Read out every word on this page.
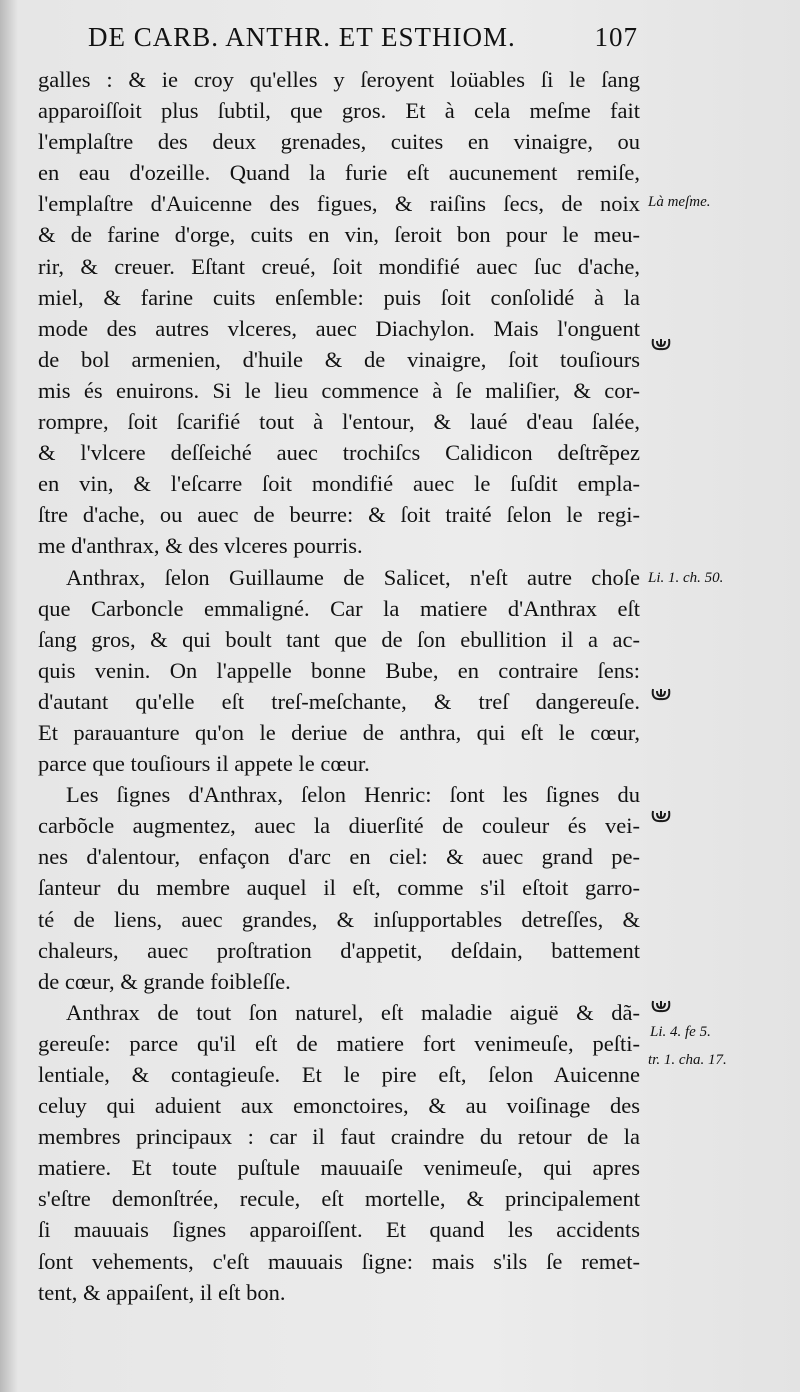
DE CARB. ANTHR. ET ESTHIOM.	107
galles : & ie croy qu'elles y ſeroyent loüables ſi le ſang
apparoiſſoit plus ſubtil, que gros. Et à cela meſme fait
l'emplaſtre des deux grenades, cuites en vinaigre, ou
en eau d'ozeille. Quand la furie eſt aucunement remiſe,
l'emplaſtre d'Auicenne des figues, & raiſins ſecs, de noix
& de farine d'orge, cuits en vin, ſeroit bon pour le meu-
rir, & creuer. Eſtant creué, ſoit mondifié auec ſuc d'ache,
miel, & farine cuits enſemble: puis ſoit conſolidé à la
mode des autres vlceres, auec Diachylon. Mais l'onguent
de bol armenien, d'huile & de vinaigre, ſoit touſiours
mis és enuirons. Si le lieu commence à ſe maliſier, & cor-
rompre, ſoit ſcarifié tout à l'entour, & laué d'eau ſalée,
& l'vlcere deſſeiché auec trochiſcs Calidicon deſtrẽpez
en vin, & l'eſcarre ſoit mondifié auec le ſuſdit empla-
ſtre d'ache, ou auec de beurre: & ſoit traité ſelon le regi-
me d'anthrax, & des vlceres pourris.
Anthrax, ſelon Guillaume de Salicet, n'eſt autre choſe
que Carboncle emmaligné. Car la matiere d'Anthrax eſt
ſang gros, & qui boult tant que de ſon ebullition il a ac-
quis venin. On l'appelle bonne Bube, en contraire ſens:
d'autant qu'elle eſt treſ-meſchante, & treſ dangereuſe.
Et parauanture qu'on le deriue de anthra, qui eſt le cœur,
parce que touſiours il appete le cœur.
Les ſignes d'Anthrax, ſelon Henric: ſont les ſignes du
carbõcle augmentez, auec la diuerſité de couleur és vei-
nes d'alentour, enfaçon d'arc en ciel: & auec grand pe-
ſanteur du membre auquel il eſt, comme s'il eſtoit garro-
té de liens, auec grandes, & inſupportables detreſſes, &
chaleurs, auec proſtration d'appetit, deſdain, battement
de cœur, & grande foibleſſe.
Anthrax de tout ſon naturel, eſt maladie aiguë & dã-
gereuſe: parce qu'il eſt de matiere fort venimeuſe, peſti-
lentiale, & contagieuſe. Et le pire eſt, ſelon Auicenne
celuy qui aduient aux emonctoires, & au voiſinage des
membres principaux : car il faut craindre du retour de la
matiere. Et toute puſtule mauuaiſe venimeuſe, qui apres
s'eſtre demonſtrée, recule, eſt mortelle, & principalement
ſi mauuais ſignes apparoiſſent. Et quand les accidents
ſont vehements, c'eſt mauuais ſigne: mais s'ils ſe remet-
tent, & appaiſent, il eſt bon.
Là meſme.
Li. 1. ch. 50.
Li. 4. fe 5.
tr. 1. cha. 17.
